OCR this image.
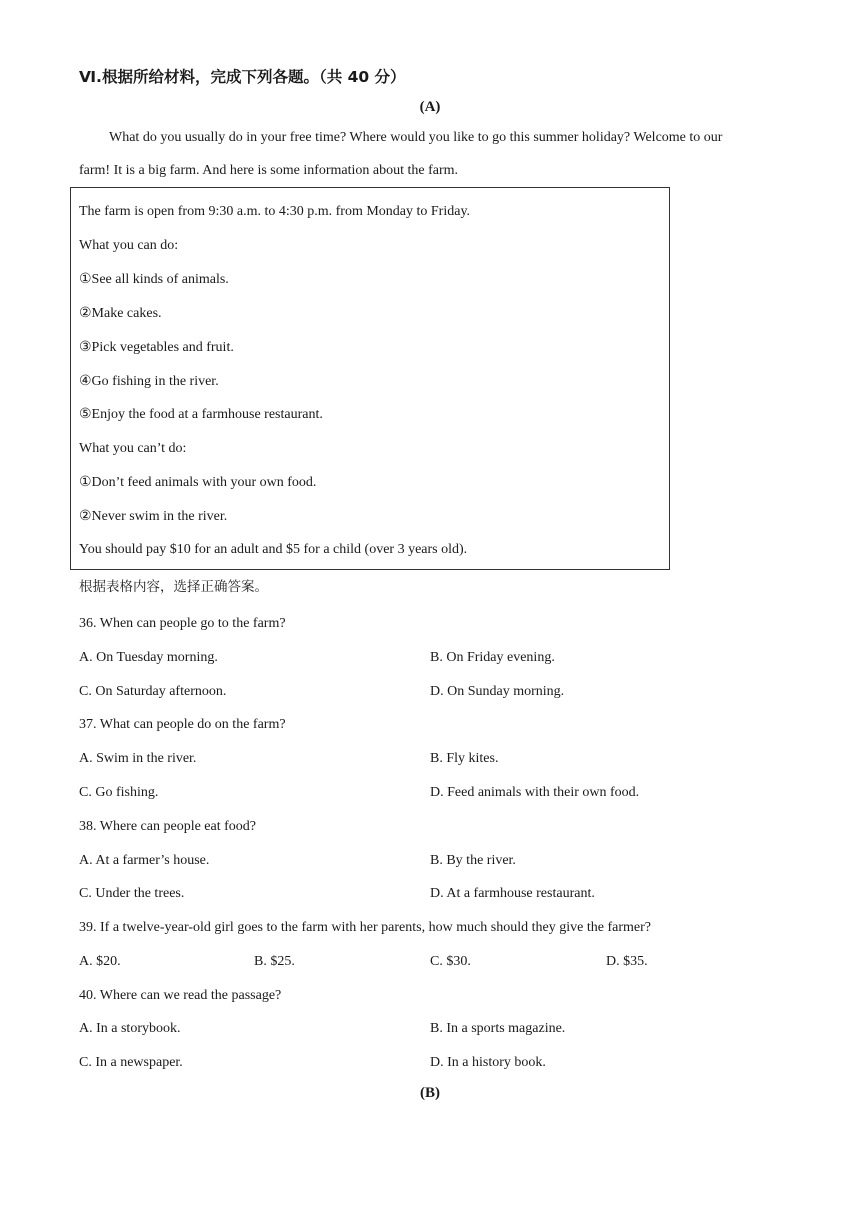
Ⅵ.根据所给材料，完成下列各题。（共 40 分）
(A)
What do you usually do in your free time? Where would you like to go this summer holiday? Welcome to our
farm! It is a big farm. And here is some information about the farm.
The farm is open from 9:30 a.m. to 4:30 p.m. from Monday to Friday.
What you can do:
①See all kinds of animals.
②Make cakes.
③Pick vegetables and fruit.
④Go fishing in the river.
⑤Enjoy the food at a farmhouse restaurant.
What you can’t do:
①Don’t feed animals with your own food.
②Never swim in the river.
You should pay $10 for an adult and $5 for a child (over 3 years old).
根据表格内容，选择正确答案。
36. When can people go to the farm?
A. On Tuesday morning.	B. On Friday evening.
C. On Saturday afternoon.	D. On Sunday morning.
37. What can people do on the farm?
A. Swim in the river.	B. Fly kites.
C. Go fishing.	D. Feed animals with their own food.
38. Where can people eat food?
A. At a farmer’s house.	B. By the river.
C. Under the trees.	D. At a farmhouse restaurant.
39. If a twelve-year-old girl goes to the farm with her parents, how much should they give the farmer?
A. $20.	B. $25.	C. $30.	D. $35.
40. Where can we read the passage?
A. In a storybook.	B. In a sports magazine.
C. In a newspaper.	D. In a history book.
(B)
